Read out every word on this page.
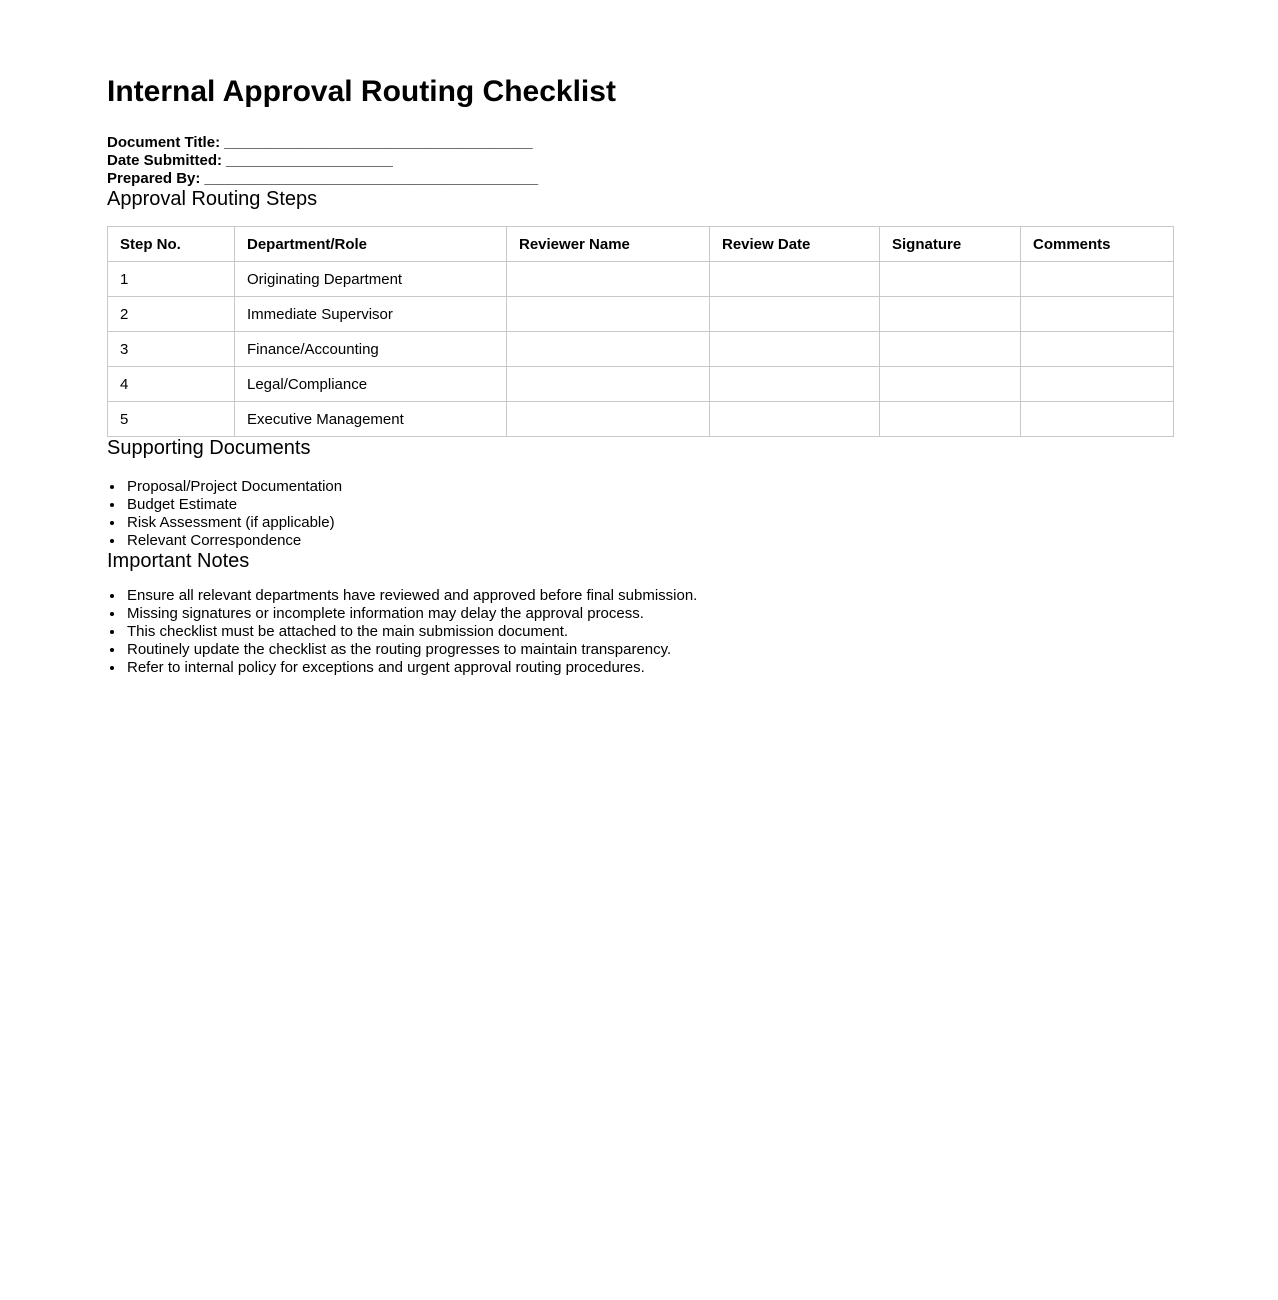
Internal Approval Routing Checklist

Document Title: _____________________________________

Date Submitted: ____________________

Prepared By: ________________________________________

Approval Routing Steps
Step No.	Department/Role	Reviewer Name	Review Date	Signature	Comments
1	Originating Department				
2	Immediate Supervisor				
3	Finance/Accounting				
4	Legal/Compliance				
5	Executive Management				
Supporting Documents
• Proposal/Project Documentation
• Budget Estimate
• Risk Assessment (if applicable)
• Relevant Correspondence
Important Notes
• Ensure all relevant departments have reviewed and approved before final submission.
• Missing signatures or incomplete information may delay the approval process.
• This checklist must be attached to the main submission document.
• Routinely update the checklist as the routing progresses to maintain transparency.
• Refer to internal policy for exceptions and urgent approval routing procedures.
